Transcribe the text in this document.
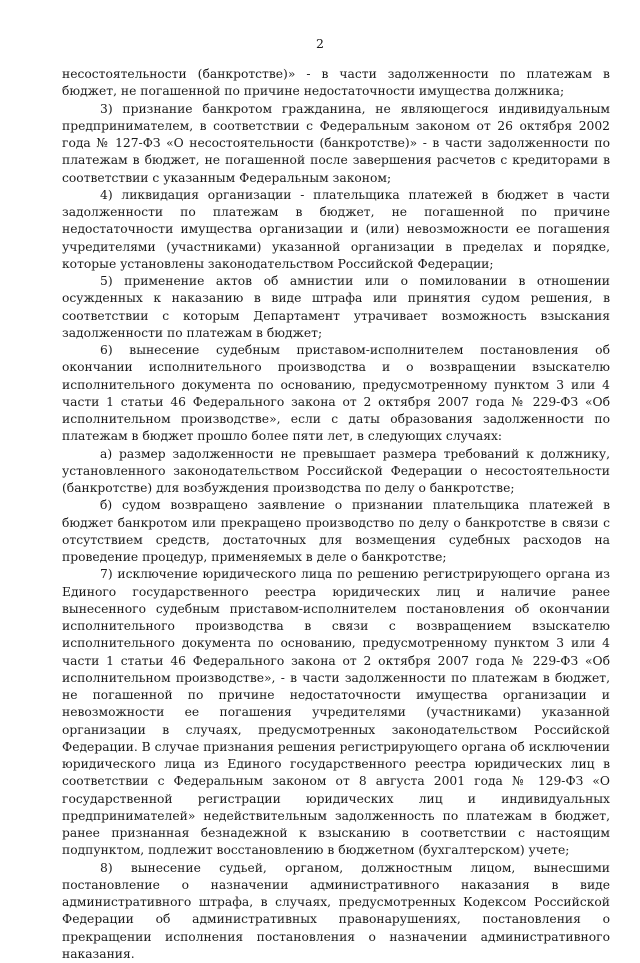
2

несостоятельности (банкротстве)» - в части задолженности по платежам в бюджет, не погашенной по причине недостаточности имущества должника;

3) признание банкротом гражданина, не являющегося индивидуальным предпринимателем, в соответствии с Федеральным законом от 26 октября 2002 года № 127-ФЗ «О несостоятельности (банкротстве)» - в части задолженности по платежам в бюджет, не погашенной после завершения расчетов с кредиторами в соответствии с указанным Федеральным законом;

4) ликвидация организации - плательщика платежей в бюджет в части задолженности по платежам в бюджет, не погашенной по причине недостаточности имущества организации и (или) невозможности ее погашения учредителями (участниками) указанной организации в пределах и порядке, которые установлены законодательством Российской Федерации;

5) применение актов об амнистии или о помиловании в отношении осужденных к наказанию в виде штрафа или принятия судом решения, в соответствии с которым Департамент утрачивает возможность взыскания задолженности по платежам в бюджет;

6) вынесение судебным приставом-исполнителем постановления об окончании исполнительного производства и о возвращении взыскателю исполнительного документа по основанию, предусмотренному пунктом 3 или 4 части 1 статьи 46 Федерального закона от 2 октября 2007 года № 229-ФЗ «Об исполнительном производстве», если с даты образования задолженности по платежам в бюджет прошло более пяти лет, в следующих случаях:

а) размер задолженности не превышает размера требований к должнику, установленного законодательством Российской Федерации о несостоятельности (банкротстве) для возбуждения производства по делу о банкротстве;

б) судом возвращено заявление о признании плательщика платежей в бюджет банкротом или прекращено производство по делу о банкротстве в связи с отсутствием средств, достаточных для возмещения судебных расходов на проведение процедур, применяемых в деле о банкротстве;

7) исключение юридического лица по решению регистрирующего органа из Единого государственного реестра юридических лиц и наличие ранее вынесенного судебным приставом-исполнителем постановления об окончании исполнительного производства в связи с возвращением взыскателю исполнительного документа по основанию, предусмотренному пунктом 3 или 4 части 1 статьи 46 Федерального закона от 2 октября 2007 года № 229-ФЗ «Об исполнительном производстве», - в части задолженности по платежам в бюджет, не погашенной по причине недостаточности имущества организации и невозможности ее погашения учредителями (участниками) указанной организации в случаях, предусмотренных законодательством Российской Федерации. В случае признания решения регистрирующего органа об исключении юридического лица из Единого государственного реестра юридических лиц в соответствии с Федеральным законом от 8 августа 2001 года № 129-ФЗ «О государственной регистрации юридических лиц и индивидуальных предпринимателей» недействительным задолженность по платежам в бюджет, ранее признанная безнадежной к взысканию в соответствии с настоящим подпунктом, подлежит восстановлению в бюджетном (бухгалтерском) учете;

8) вынесение судьей, органом, должностным лицом, вынесшими постановление о назначении административного наказания в виде административного штрафа, в случаях, предусмотренных Кодексом Российской Федерации об административных правонарушениях, постановления о прекращении исполнения постановления о назначении административного наказания.
